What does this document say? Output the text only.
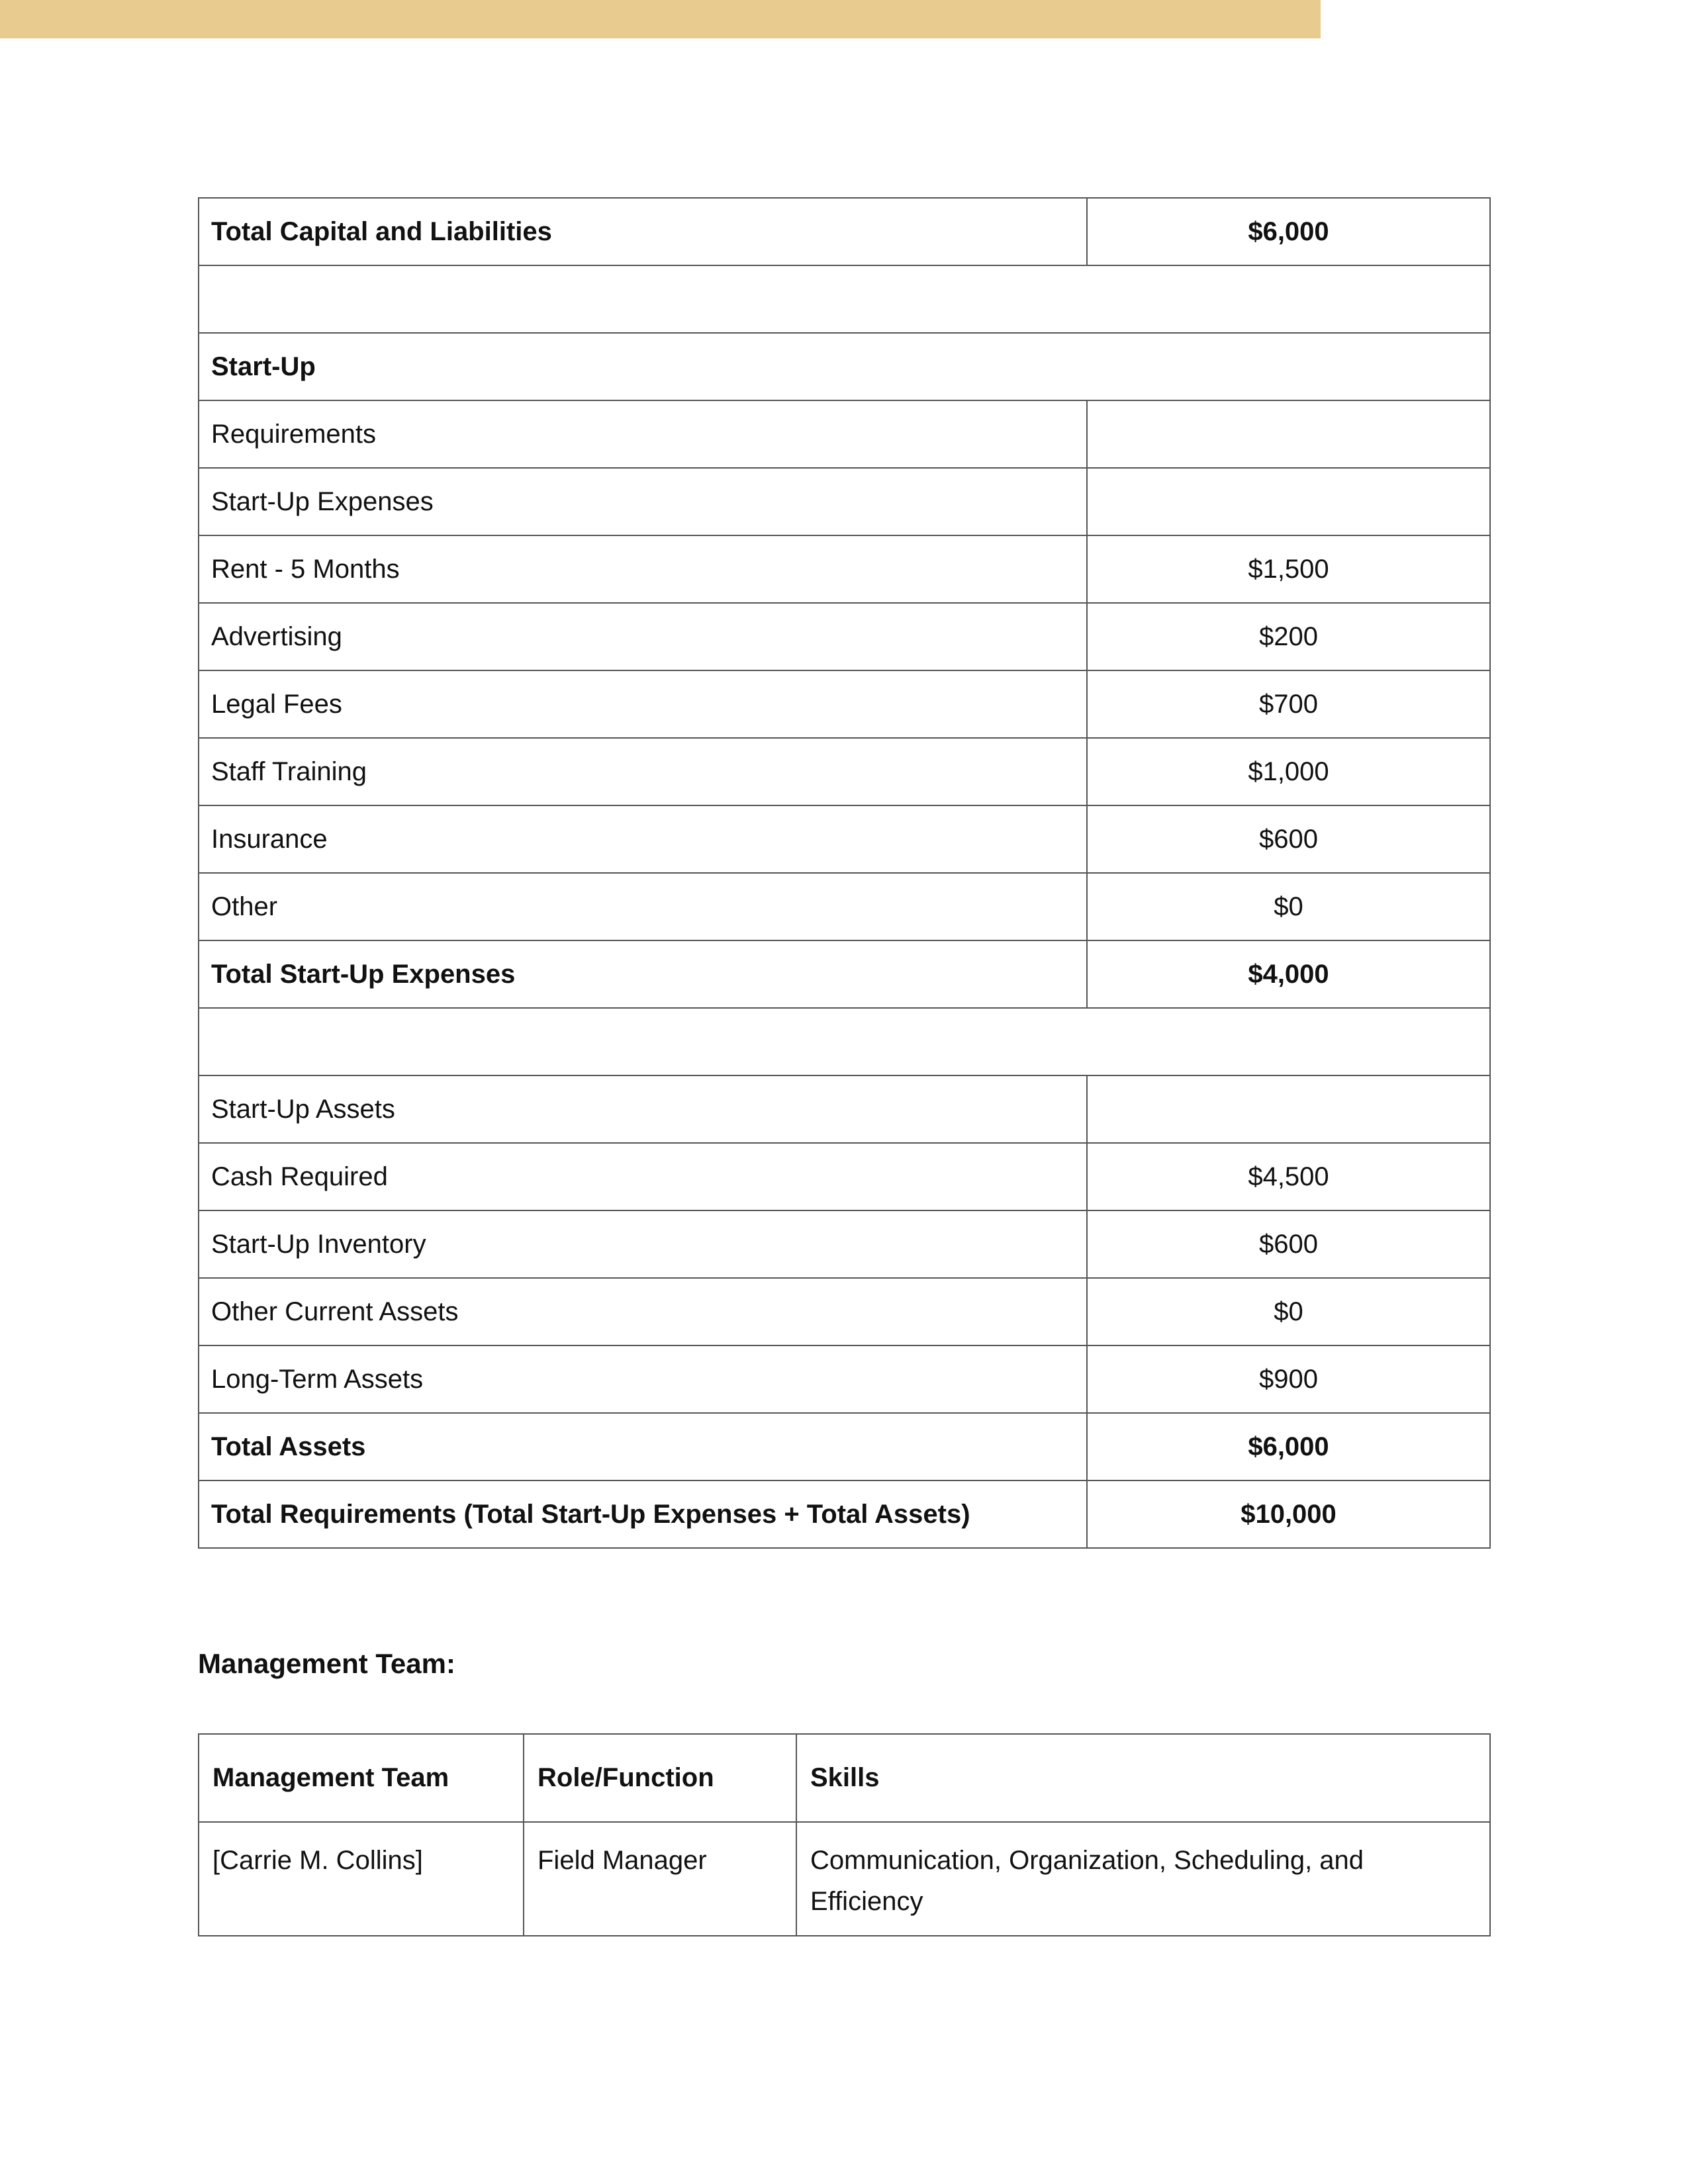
Total Capital and Liabilities	$6,000

Start-Up	
Requirements	
Start-Up Expenses	
Rent - 5 Months	$1,500
Advertising	$200
Legal Fees	$700
Staff Training	$1,000
Insurance	$600
Other	$0
Total Start-Up Expenses	$4,000

Start-Up Assets	
Cash Required	$4,500
Start-Up Inventory	$600
Other Current Assets	$0
Long-Term Assets	$900
Total Assets	$6,000
Total Requirements (Total Start-Up Expenses + Total Assets)	$10,000
Management Team:
Management Team	Role/Function	Skills
[Carrie M. Collins]	Field Manager	Communication, Organization, Scheduling, and Efficiency
